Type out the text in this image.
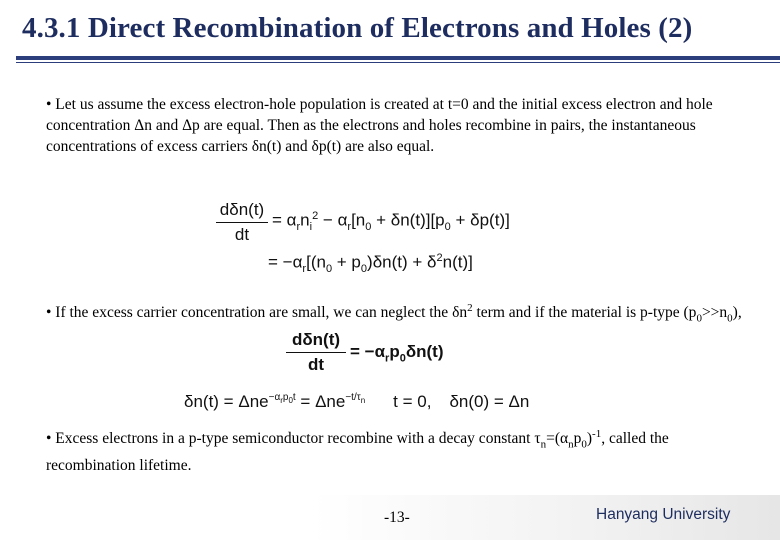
4.3.1 Direct Recombination of Electrons and Holes (2)
• Let us assume the excess electron-hole population is created at t=0 and the initial excess electron and hole concentration Δn and Δp are equal. Then as the electrons and holes recombine in pairs, the instantaneous concentrations of excess carriers δn(t) and δp(t) are also equal.
dδn(t)
dt
= $\alpha_rn_i^2 - \alpha_r[n_0 + \delta n(t)][p_0 + \delta p(t)]$
= $-\alpha_r[(n_0 + p_0)\delta n(t) + \delta^2n(t)]$
• If the excess carrier concentration are small, we can neglect the $\delta n^2$ term and if the material is p-type $(p_0>>n_0)$,
dδn(t)
dt
= $-\alpha_rp_0\delta n(t)$
δn(t) = Δne$^{-\alpha_rp_0t}$ = Δne$^{-t/\tau_n}$ t = 0, δn(0) = Δn
• Excess electrons in a p-type semiconductor recombine with a decay constant $\tau_n=(\alpha_np_0)^{-1}$, called the recombination lifetime.
-13-	Hanyang University
